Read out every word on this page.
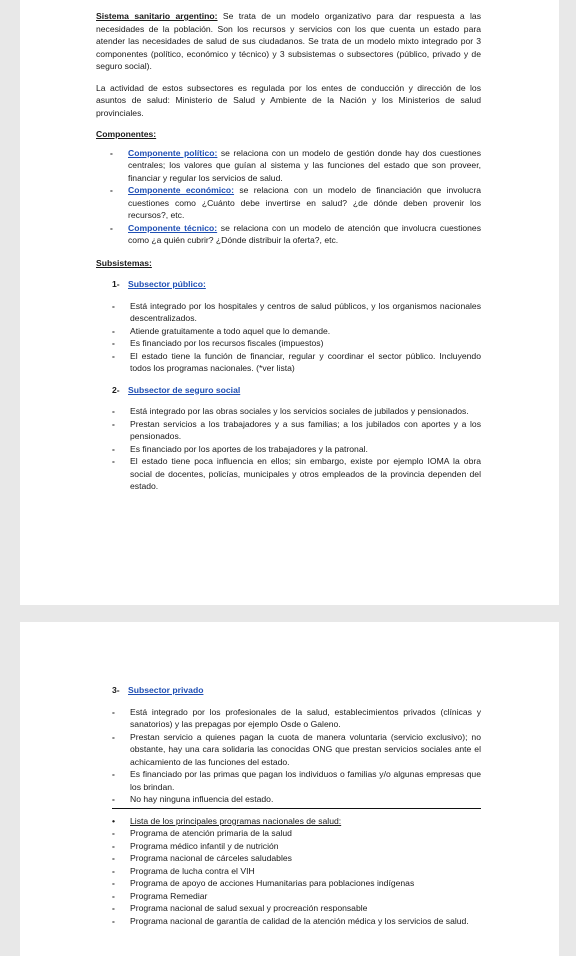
Sistema sanitario argentino: Se trata de un modelo organizativo para dar respuesta a las necesidades de la población. Son los recursos y servicios con los que cuenta un estado para atender las necesidades de salud de sus ciudadanos. Se trata de un modelo mixto integrado por 3 componentes (político, económico y técnico) y 3 subsistemas o subsectores (público, privado y de seguro social).

La actividad de estos subsectores es regulada por los entes de conducción y dirección de los asuntos de salud: Ministerio de Salud y Ambiente de la Nación y los Ministerios de salud provinciales.

Componentes:
- Componente político: se relaciona con un modelo de gestión donde hay dos cuestiones centrales; los valores que guían al sistema y las funciones del estado que son proveer, financiar y regular los servicios de salud.
- Componente económico: se relaciona con un modelo de financiación que involucra cuestiones como ¿Cuánto debe invertirse en salud? ¿de dónde deben provenir los recursos?, etc.
- Componente técnico: se relaciona con un modelo de atención que involucra cuestiones como ¿a quién cubrir? ¿Dónde distribuir la oferta?, etc.
Subsistemas:
1- Subsector público:
- Está integrado por los hospitales y centros de salud públicos, y los organismos nacionales descentralizados.
- Atiende gratuitamente a todo aquel que lo demande.
- Es financiado por los recursos fiscales (impuestos)
- El estado tiene la función de financiar, regular y coordinar el sector público. Incluyendo todos los programas nacionales. (*ver lista)
2- Subsector de seguro social
- Está integrado por las obras sociales y los servicios sociales de jubilados y pensionados.
- Prestan servicios a los trabajadores y a sus familias; a los jubilados con aportes y a los pensionados.
- Es financiado por los aportes de los trabajadores y la patronal.
- El estado tiene poca influencia en ellos; sin embargo, existe por ejemplo IOMA la obra social de docentes, policías, municipales y otros empleados de la provincia dependen del estado.
3- Subsector privado
- Está integrado por los profesionales de la salud, establecimientos privados (clínicas y sanatorios) y las prepagas por ejemplo Osde o Galeno.
- Prestan servicio a quienes pagan la cuota de manera voluntaria (servicio exclusivo); no obstante, hay una cara solidaria las conocidas ONG que prestan servicios sociales ante el achicamiento de las funciones del estado.
- Es financiado por las primas que pagan los individuos o familias y/o algunas empresas que los brindan.
- No hay ninguna influencia del estado.
• Lista de los principales programas nacionales de salud:
- Programa de atención primaria de la salud
- Programa médico infantil y de nutrición
- Programa nacional de cárceles saludables
- Programa de lucha contra el VIH
- Programa de apoyo de acciones Humanitarias para poblaciones indígenas
- Programa Remediar
- Programa nacional de salud sexual y procreación responsable
- Programa nacional de garantía de calidad de la atención médica y los servicios de salud.
